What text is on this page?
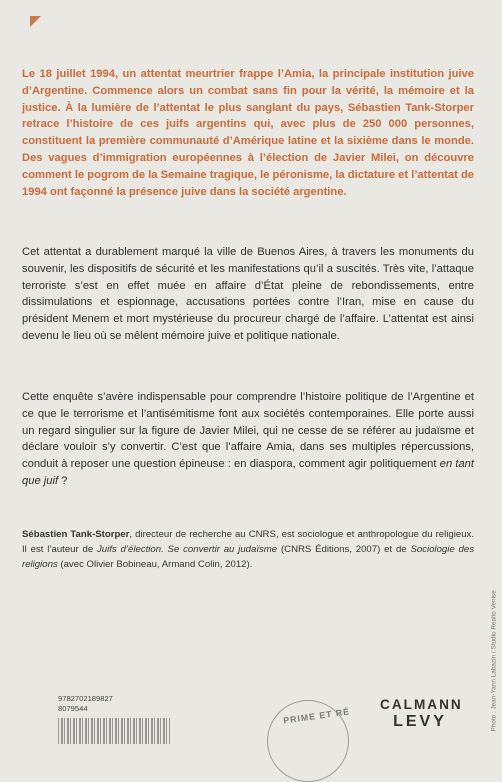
Le 18 juillet 1994, un attentat meurtrier frappe l’Amia, la principale institution juive d’Argentine. Commence alors un combat sans fin pour la vérité, la mémoire et la justice. À la lumière de l’attentat le plus sanglant du pays, Sébastien Tank-Storper retrace l’histoire de ces juifs argentins qui, avec plus de 250 000 personnes, constituent la première communauté d’Amérique latine et la sixième dans le monde. Des vagues d’immigration européennes à l’élection de Javier Milei, on découvre comment le pogrom de la Semaine tragique, le péronisme, la dictature et l’attentat de 1994 ont façonné la présence juive dans la société argentine.
Cet attentat a durablement marqué la ville de Buenos Aires, à travers les monuments du souvenir, les dispositifs de sécurité et les manifestations qu’il a suscités. Très vite, l’attaque terroriste s’est en effet muée en affaire d’État pleine de rebondissements, entre dissimulations et espionnage, accusations portées contre l’Iran, mise en cause du président Menem et mort mystérieuse du procureur chargé de l’affaire. L’attentat est ainsi devenu le lieu où se mêlent mémoire juive et politique nationale.
Cette enquête s’avère indispensable pour comprendre l’histoire politique de l’Argentine et ce que le terrorisme et l’antisémitisme font aux sociétés contemporaines. Elle porte aussi un regard singulier sur la figure de Javier Milei, qui ne cesse de se référer au judaïsme et déclare vouloir s’y convertir. C’est que l’affaire Amia, dans ses multiples répercussions, conduit à reposer une question épineuse : en diaspora, comment agir politiquement en tant que juif ?
Sébastien Tank-Storper, directeur de recherche au CNRS, est sociologue et anthropologue du religieux. Il est l’auteur de Juifs d’élection. Se convertir au judaïsme (CNRS Éditions, 2007) et de Sociologie des religions (avec Olivier Bobineau, Armand Colin, 2012).
Photo : Jean-Yann Labazin / Studio Realto Venise
9782702189827
8079544	PRIME ET RÉ
CALMANN
LEVY
